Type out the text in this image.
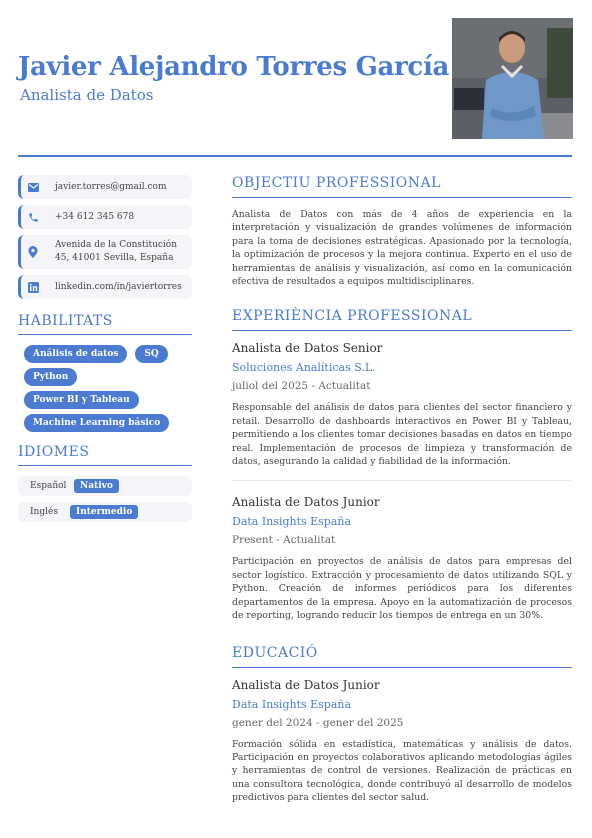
Javier Alejandro Torres García
Analista de Datos
javier.torres@gmail.com
+34 612 345 678
Avenida de la Constitución 45, 41001 Sevilla, España
linkedin.com/in/javiertorres
HABILITATS
Análisis de datos	SQ
Python
Power BI y Tableau
Machine Learning básico
IDIOMES
Español	Nativo
Inglés	Intermedio
OBJECTIU PROFESSIONAL

Analista de Datos con más de 4 años de experiencia en la interpretación y visualización de grandes volúmenes de información para la toma de decisiones estratégicas. Apasionado por la tecnología, la optimización de procesos y la mejora continua. Experto en el uso de herramientas de análisis y visualización, así como en la comunicación efectiva de resultados a equipos multidisciplinares.

EXPERIÈNCIA PROFESSIONAL
Analista de Datos Senior
Soluciones Analíticas S.L.
juliol del 2025 - Actualitat

Responsable del análisis de datos para clientes del sector financiero y retail. Desarrollo de dashboards interactivos en Power BI y Tableau, permitiendo a los clientes tomar decisiones basadas en datos en tiempo real. Implementación de procesos de limpieza y transformación de datos, asegurando la calidad y fiabilidad de la información.

Analista de Datos Junior
Data Insights España
Present - Actualitat

Participación en proyectos de análisis de datos para empresas del sector logístico. Extracción y procesamiento de datos utilizando SQL y Python. Creación de informes periódicos para los diferentes departamentos de la empresa. Apoyo en la automatización de procesos de reporting, logrando reducir los tiempos de entrega en un 30%.

EDUCACIÓ
Analista de Datos Junior
Data Insights España
gener del 2024 - gener del 2025

Formación sólida en estadística, matemáticas y análisis de datos. Participación en proyectos colaborativos aplicando metodologías ágiles y herramientas de control de versiones. Realización de prácticas en una consultora tecnológica, donde contribuyó al desarrollo de modelos predictivos para clientes del sector salud.
